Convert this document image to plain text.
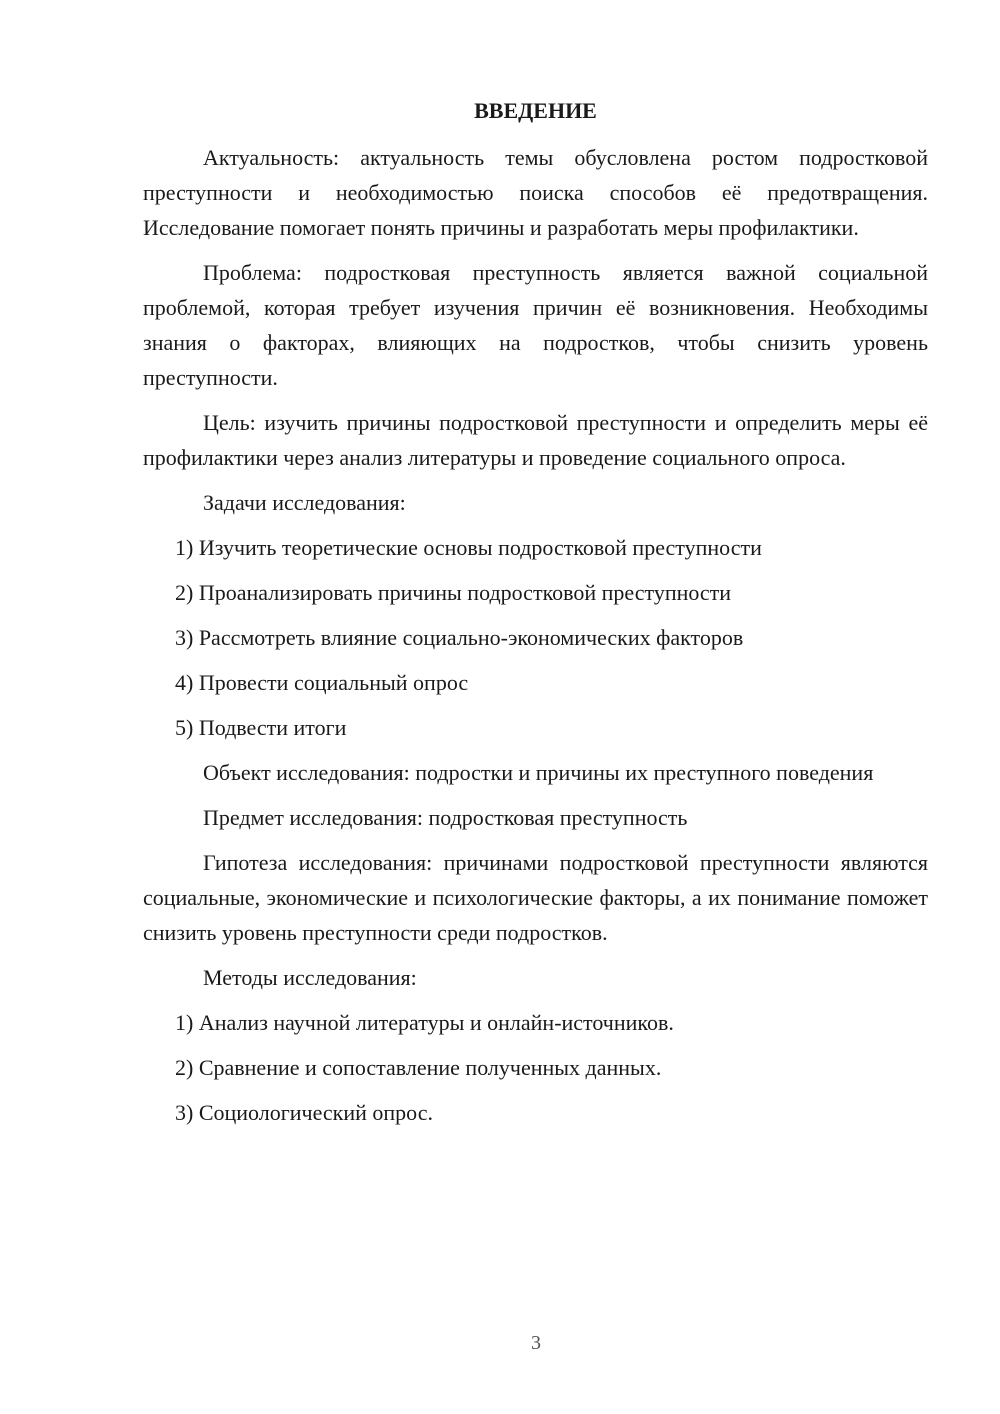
ВВЕДЕНИЕ

Актуальность: актуальность темы обусловлена ростом подростковой преступности и необходимостью поиска способов её предотвращения. Исследование помогает понять причины и разработать меры профилактики.

Проблема: подростковая преступность является важной социальной проблемой, которая требует изучения причин её возникновения. Необходимы знания о факторах, влияющих на подростков, чтобы снизить уровень преступности.

Цель: изучить причины подростковой преступности и определить меры её профилактики через анализ литературы и проведение социального опроса.

Задачи исследования:

1) Изучить теоретические основы подростковой преступности
2) Проанализировать причины подростковой преступности
3) Рассмотреть влияние социально-экономических факторов
4) Провести социальный опрос
5) Подвести итоги

Объект исследования: подростки и причины их преступного поведения

Предмет исследования: подростковая преступность

Гипотеза исследования: причинами подростковой преступности являются социальные, экономические и психологические факторы, а их понимание поможет снизить уровень преступности среди подростков.

Методы исследования:

1) Анализ научной литературы и онлайн-источников.
2) Сравнение и сопоставление полученных данных.
3) Социологический опрос.
3
